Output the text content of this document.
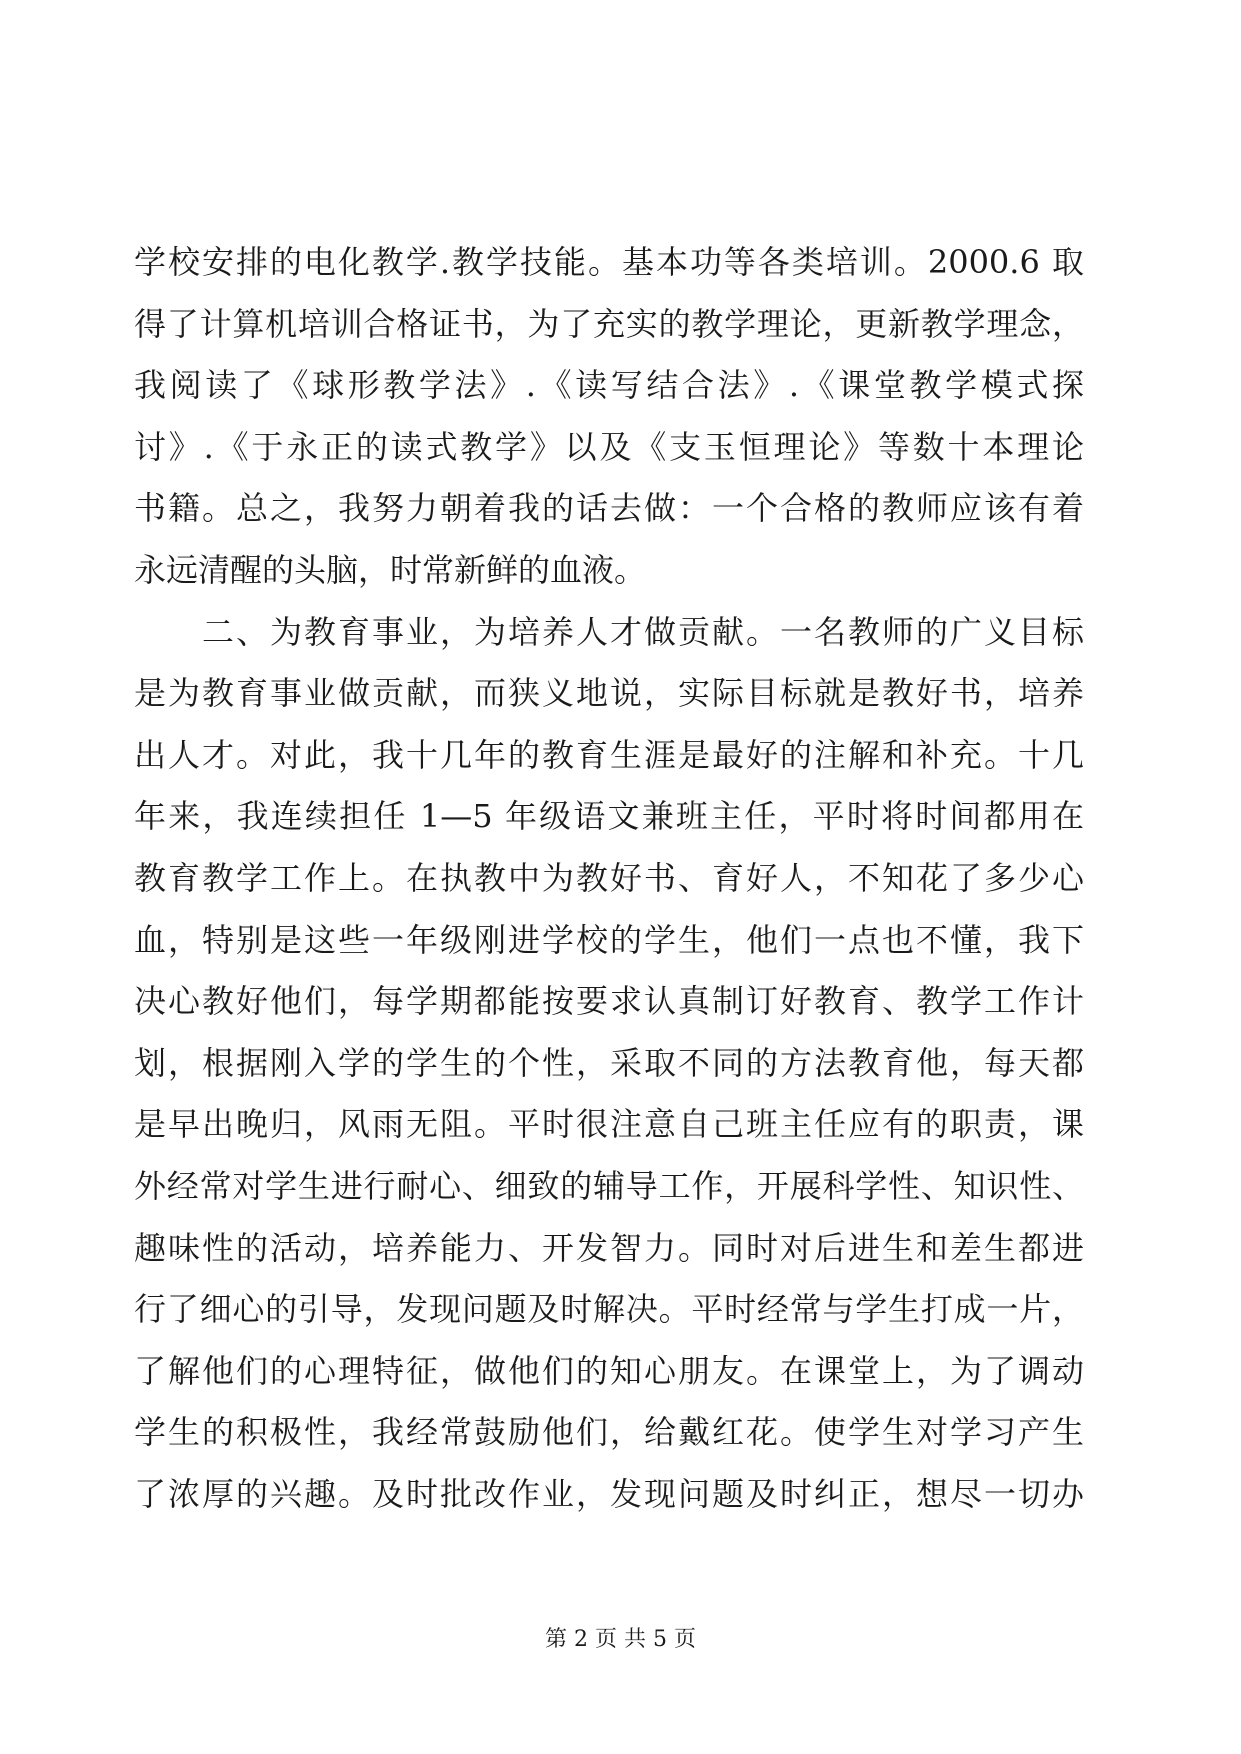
学校安排的电化教学.教学技能。基本功等各类培训。2000.6 取
得了计算机培训合格证书，为了充实的教学理论，更新教学理念，
我阅读了《球形教学法》.《读写结合法》.《课堂教学模式探
讨》.《于永正的读式教学》以及《支玉恒理论》等数十本理论
书籍。总之，我努力朝着我的话去做：一个合格的教师应该有着
永远清醒的头脑，时常新鲜的血液。
　　二、为教育事业，为培养人才做贡献。一名教师的广义目标
是为教育事业做贡献，而狭义地说，实际目标就是教好书，培养
出人才。对此，我十几年的教育生涯是最好的注解和补充。十几
年来，我连续担任 1—5 年级语文兼班主任，平时将时间都用在
教育教学工作上。在执教中为教好书、育好人，不知花了多少心
血，特别是这些一年级刚进学校的学生，他们一点也不懂，我下
决心教好他们，每学期都能按要求认真制订好教育、教学工作计
划，根据刚入学的学生的个性，采取不同的方法教育他，每天都
是早出晚归，风雨无阻。平时很注意自己班主任应有的职责，课
外经常对学生进行耐心、细致的辅导工作，开展科学性、知识性、
趣味性的活动，培养能力、开发智力。同时对后进生和差生都进
行了细心的引导，发现问题及时解决。平时经常与学生打成一片，
了解他们的心理特征，做他们的知心朋友。在课堂上，为了调动
学生的积极性，我经常鼓励他们，给戴红花。使学生对学习产生
了浓厚的兴趣。及时批改作业，发现问题及时纠正，想尽一切办
第 2 页 共 5 页
